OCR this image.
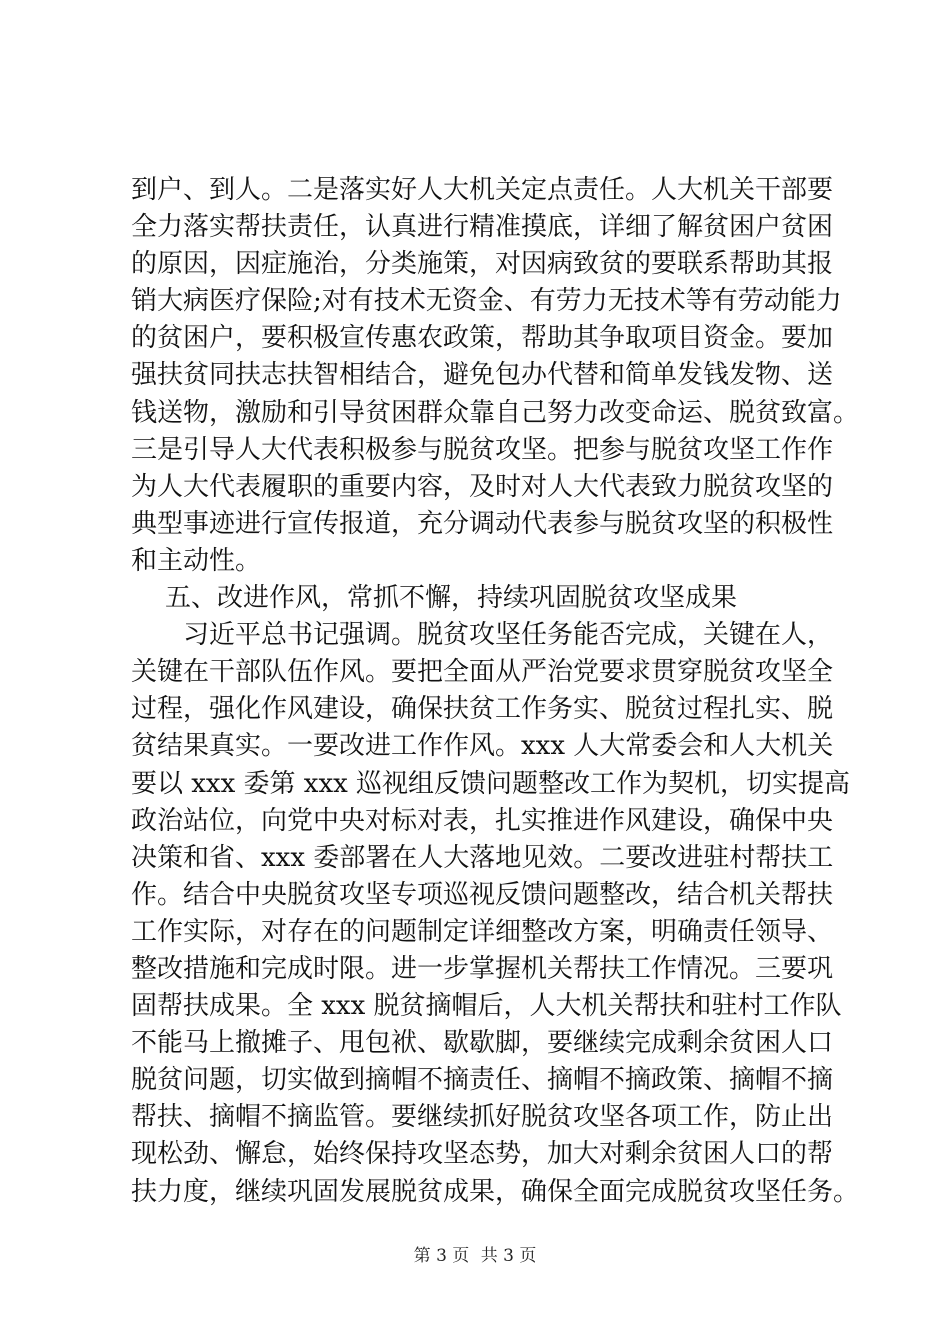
到户、到人。二是落实好人大机关定点责任。人大机关干部要
全力落实帮扶责任，认真进行精准摸底，详细了解贫困户贫困
的原因，因症施治，分类施策，对因病致贫的要联系帮助其报
销大病医疗保险;对有技术无资金、有劳力无技术等有劳动能力
的贫困户，要积极宣传惠农政策，帮助其争取项目资金。要加
强扶贫同扶志扶智相结合，避免包办代替和简单发钱发物、送
钱送物，激励和引导贫困群众靠自己努力改变命运、脱贫致富。
三是引导人大代表积极参与脱贫攻坚。把参与脱贫攻坚工作作
为人大代表履职的重要内容，及时对人大代表致力脱贫攻坚的
典型事迹进行宣传报道，充分调动代表参与脱贫攻坚的积极性
和主动性。
五、改进作风，常抓不懈，持续巩固脱贫攻坚成果
习近平总书记强调。脱贫攻坚任务能否完成，关键在人，
关键在干部队伍作风。要把全面从严治党要求贯穿脱贫攻坚全
过程，强化作风建设，确保扶贫工作务实、脱贫过程扎实、脱
贫结果真实。一要改进工作作风。xxx 人大常委会和人大机关
要以 xxx 委第 xxx 巡视组反馈问题整改工作为契机，切实提高
政治站位，向党中央对标对表，扎实推进作风建设，确保中央
决策和省、xxx 委部署在人大落地见效。二要改进驻村帮扶工
作。结合中央脱贫攻坚专项巡视反馈问题整改，结合机关帮扶
工作实际，对存在的问题制定详细整改方案，明确责任领导、
整改措施和完成时限。进一步掌握机关帮扶工作情况。三要巩
固帮扶成果。全 xxx 脱贫摘帽后，人大机关帮扶和驻村工作队
不能马上撤摊子、甩包袱、歇歇脚，要继续完成剩余贫困人口
脱贫问题，切实做到摘帽不摘责任、摘帽不摘政策、摘帽不摘
帮扶、摘帽不摘监管。要继续抓好脱贫攻坚各项工作，防止出
现松劲、懈怠，始终保持攻坚态势，加大对剩余贫困人口的帮
扶力度，继续巩固发展脱贫成果，确保全面完成脱贫攻坚任务。
第 3 页 共 3 页
